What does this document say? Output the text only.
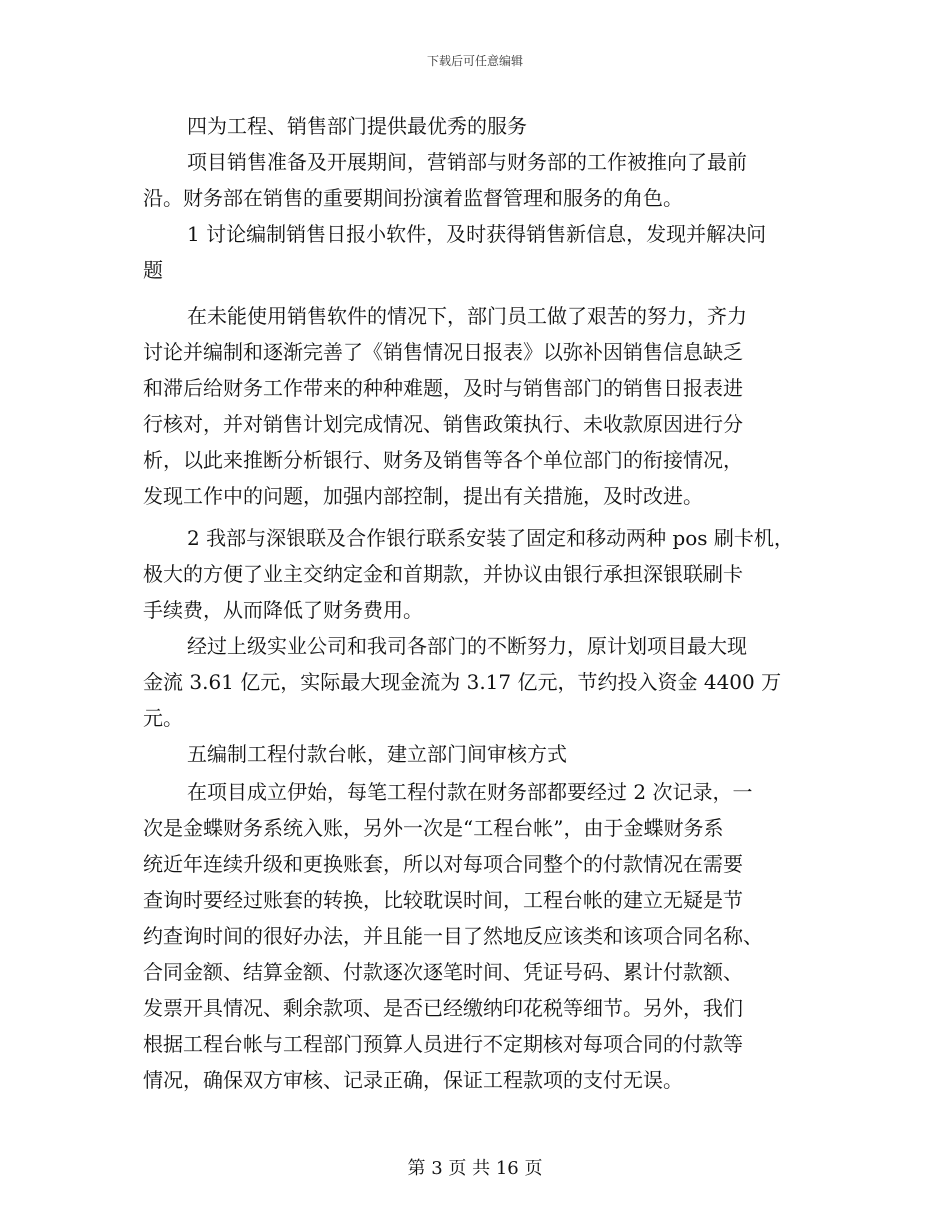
下载后可任意编辑
四为工程、销售部门提供最优秀的服务
项目销售准备及开展期间，营销部与财务部的工作被推向了最前
沿。财务部在销售的重要期间扮演着监督管理和服务的角色。
1 讨论编制销售日报小软件，及时获得销售新信息，发现并解决问
题
在未能使用销售软件的情况下，部门员工做了艰苦的努力，齐力
讨论并编制和逐渐完善了《销售情况日报表》以弥补因销售信息缺乏
和滞后给财务工作带来的种种难题，及时与销售部门的销售日报表进
行核对，并对销售计划完成情况、销售政策执行、未收款原因进行分
析，以此来推断分析银行、财务及销售等各个单位部门的衔接情况，
发现工作中的问题，加强内部控制，提出有关措施，及时改进。
2 我部与深银联及合作银行联系安装了固定和移动两种 pos 刷卡机，
极大的方便了业主交纳定金和首期款，并协议由银行承担深银联刷卡
手续费，从而降低了财务费用。
经过上级实业公司和我司各部门的不断努力，原计划项目最大现
金流 3.61 亿元，实际最大现金流为 3.17 亿元，节约投入资金 4400 万
元。
五编制工程付款台帐，建立部门间审核方式
在项目成立伊始，每笔工程付款在财务部都要经过 2 次记录，一
次是金蝶财务系统入账，另外一次是“工程台帐”，由于金蝶财务系
统近年连续升级和更换账套，所以对每项合同整个的付款情况在需要
查询时要经过账套的转换，比较耽误时间，工程台帐的建立无疑是节
约查询时间的很好办法，并且能一目了然地反应该类和该项合同名称、
合同金额、结算金额、付款逐次逐笔时间、凭证号码、累计付款额、
发票开具情况、剩余款项、是否已经缴纳印花税等细节。另外，我们
根据工程台帐与工程部门预算人员进行不定期核对每项合同的付款等
情况，确保双方审核、记录正确，保证工程款项的支付无误。
第 3 页 共 16 页
